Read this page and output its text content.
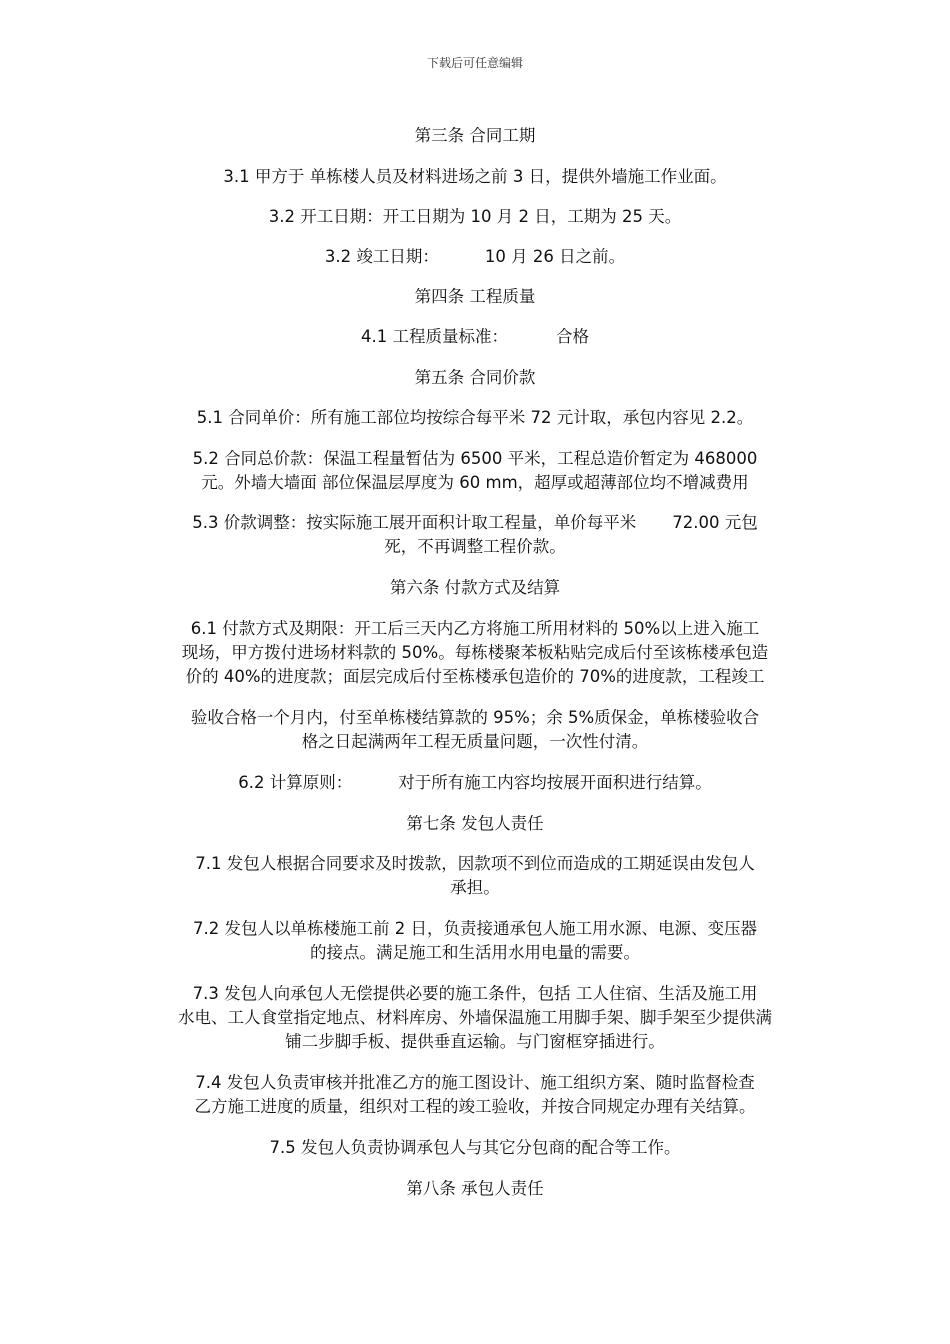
下载后可任意编辑
第三条 合同工期
3.1 甲方于 单栋楼人员及材料进场之前 3 日，提供外墙施工作业面。
3.2 开工日期：开工日期为 10 月 2 日，工期为 25 天。
3.2 竣工日期：	10 月 26 日之前。
第四条 工程质量
4.1 工程质量标准：	合格
第五条 合同价款
5.1 合同单价：所有施工部位均按综合每平米 72 元计取，承包内容见 2.2。
5.2 合同总价款：保温工程量暂估为 6500 平米，工程总造价暂定为 468000
元。外墙大墙面 部位保温层厚度为 60 mm，超厚或超薄部位均不增减费用
5.3 价款调整：按实际施工展开面积计取工程量，单价每平米 72.00 元包
死，不再调整工程价款。
第六条 付款方式及结算
6.1 付款方式及期限：开工后三天内乙方将施工所用材料的 50%以上进入施工
现场，甲方拨付进场材料款的 50%。每栋楼聚苯板粘贴完成后付至该栋楼承包造
价的 40%的进度款；面层完成后付至栋楼承包造价的 70%的进度款，工程竣工
验收合格一个月内，付至单栋楼结算款的 95%；余 5%质保金，单栋楼验收合
格之日起满两年工程无质量问题，一次性付清。
6.2 计算原则：	对于所有施工内容均按展开面积进行结算。
第七条 发包人责任
7.1 发包人根据合同要求及时拨款，因款项不到位而造成的工期延误由发包人
承担。
7.2 发包人以单栋楼施工前 2 日，负责接通承包人施工用水源、电源、变压器
的接点。满足施工和生活用水用电量的需要。
7.3 发包人向承包人无偿提供必要的施工条件，包括 工人住宿、生活及施工用
水电、工人食堂指定地点、材料库房、外墙保温施工用脚手架、脚手架至少提供满
铺二步脚手板、提供垂直运输。与门窗框穿插进行。
7.4 发包人负责审核并批准乙方的施工图设计、施工组织方案、随时监督检查
乙方施工进度的质量，组织对工程的竣工验收，并按合同规定办理有关结算。
7.5 发包人负责协调承包人与其它分包商的配合等工作。
第八条 承包人责任
